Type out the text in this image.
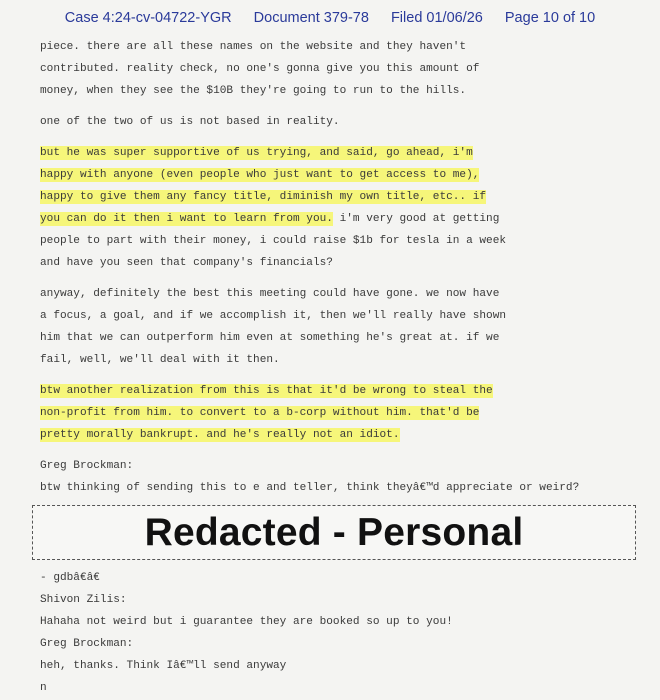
Case 4:24-cv-04722-YGR Document 379-78 Filed 01/06/26 Page 10 of 10
piece. there are all these names on the website and they haven't
contributed. reality check, no one's gonna give you this amount of
money, when they see the $10B they're going to run to the hills.
one of the two of us is not based in reality.
but he was super supportive of us trying, and said, go ahead, i'm
happy with anyone (even people who just want to get access to me),
happy to give them any fancy title, diminish my own title, etc.. if
you can do it then i want to learn from you. i'm very good at getting
people to part with their money, i could raise $1b for tesla in a week
and have you seen that company's financials?
anyway, definitely the best this meeting could have gone. we now have
a focus, a goal, and if we accomplish it, then we'll really have shown
him that we can outperform him even at something he's great at. if we
fail, well, we'll deal with it then.
btw another realization from this is that it'd be wrong to steal the
non-profit from him. to convert to a b-corp without him. that'd be
pretty morally bankrupt. and he's really not an idiot.
Greg Brockman:
btw thinking of sending this to e and teller, think theyâ€™d appreciate or weird?
Redacted - Personal
- gdbâ€â€
Shivon Zilis:
Hahaha not weird but i guarantee they are booked so up to you!
Greg Brockman:
heh, thanks. Think Iâ€™ll send anyway
n
